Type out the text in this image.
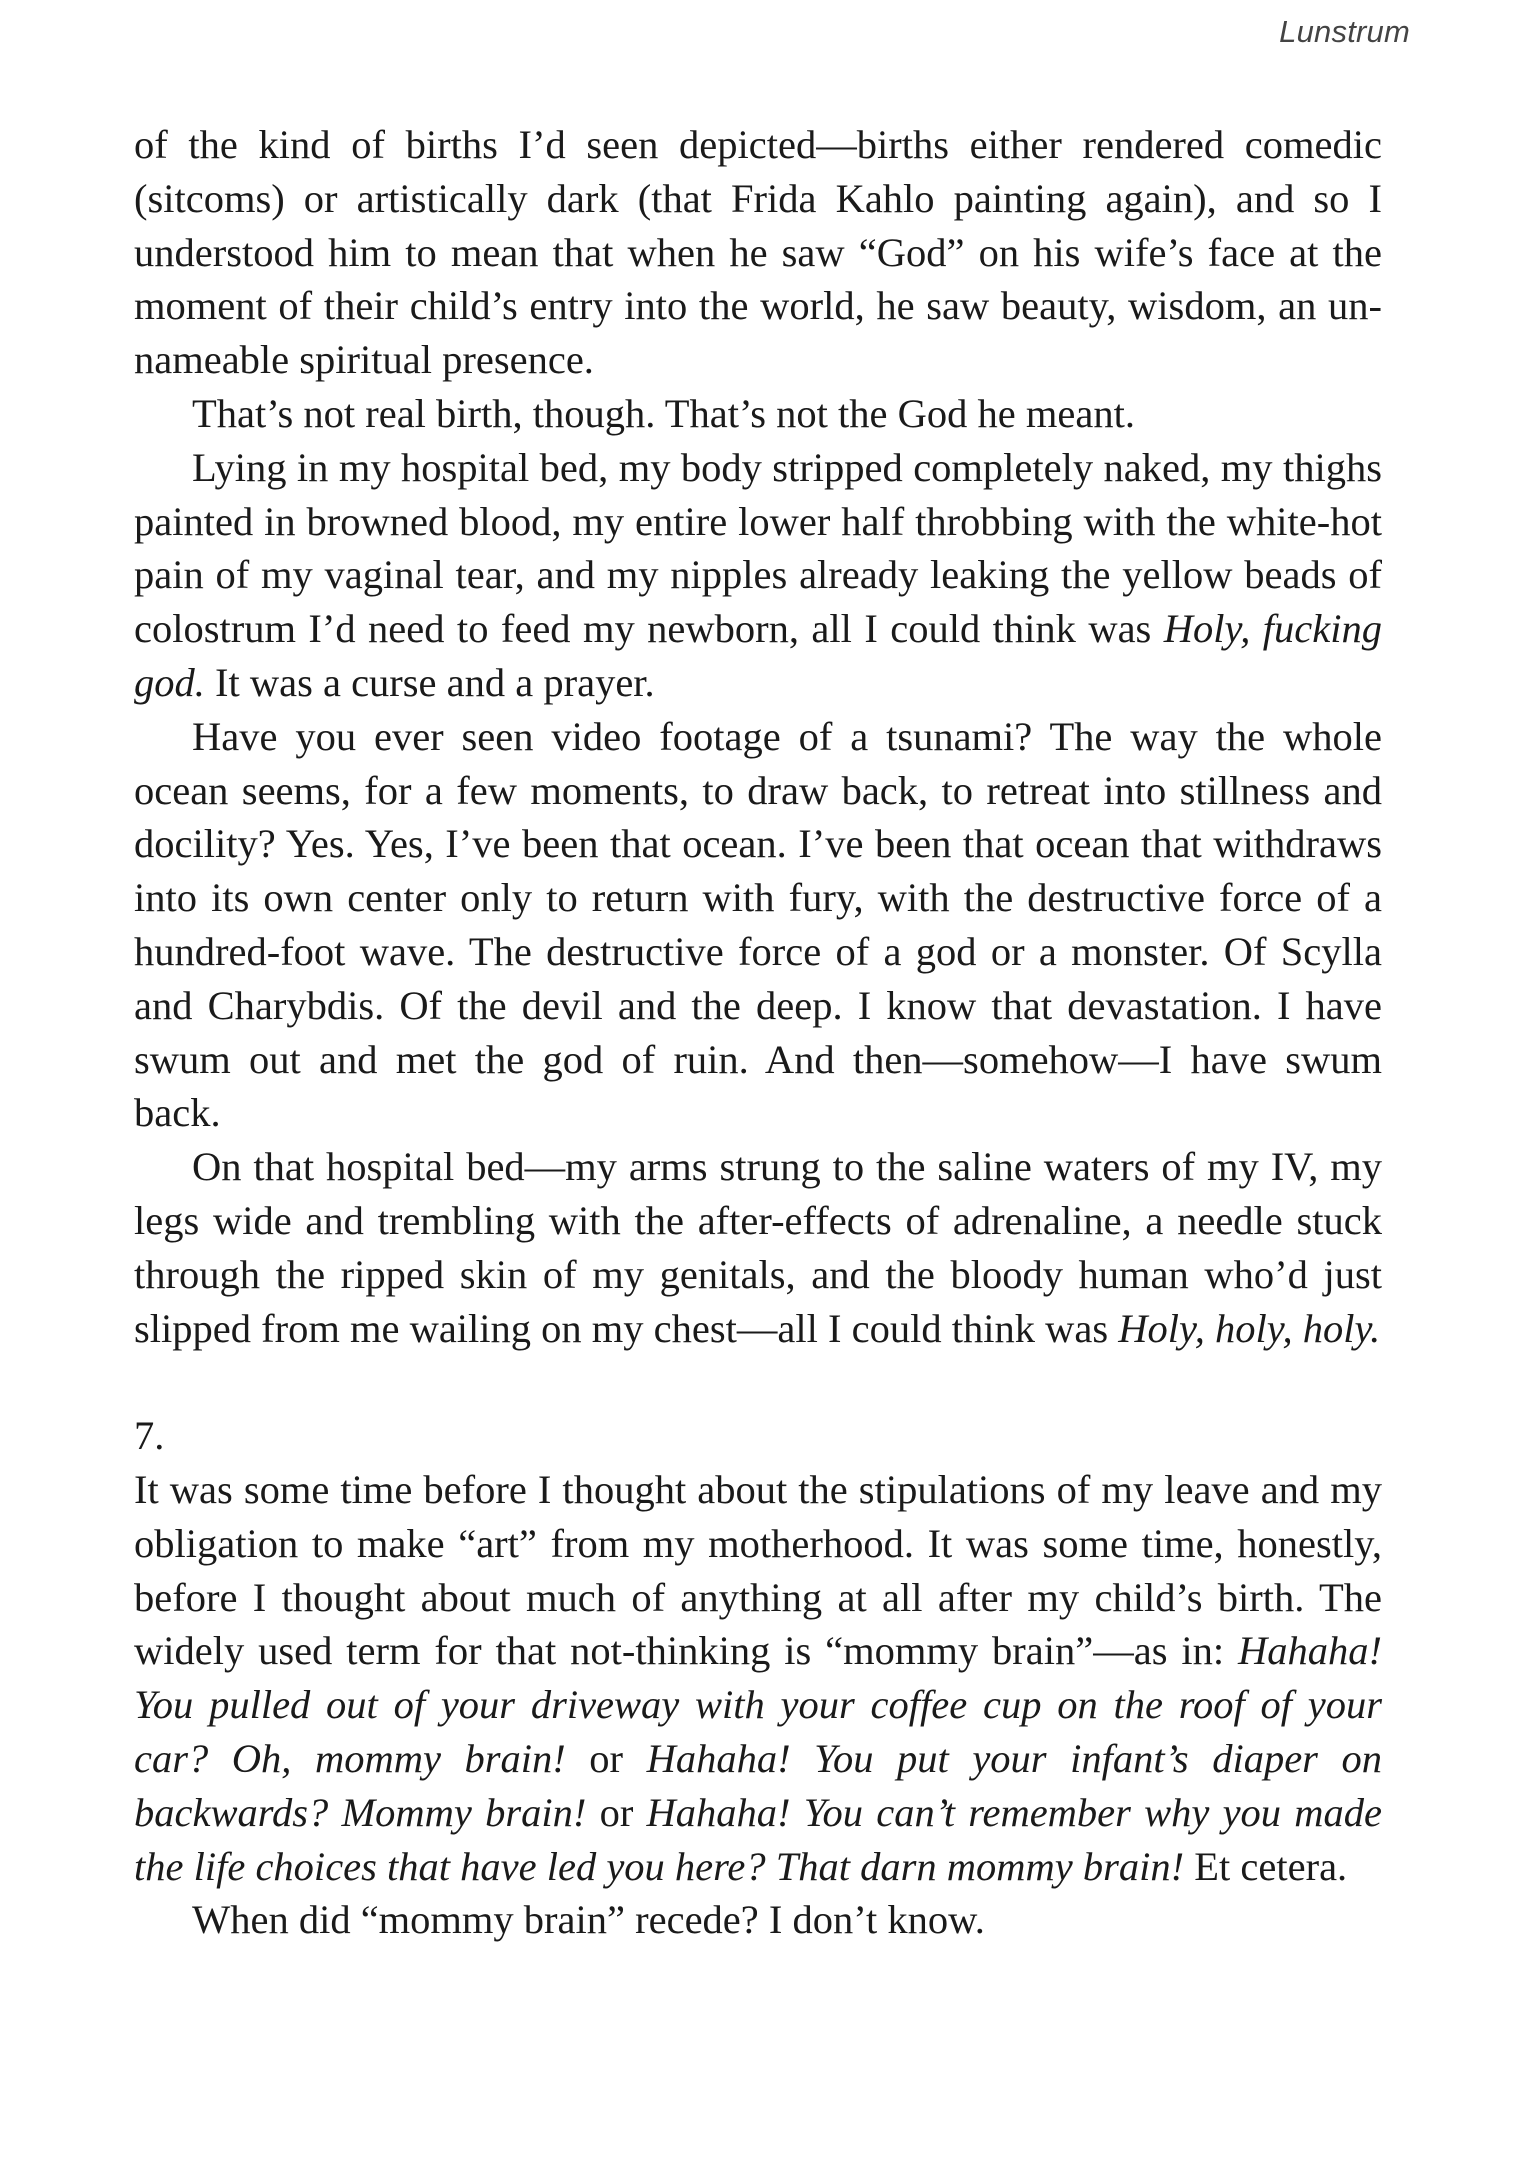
Lunstrum

of the kind of births I’d seen depicted—births either rendered comedic (sitcoms) or artistically dark (that Frida Kahlo painting again), and so I understood him to mean that when he saw “God” on his wife’s face at the moment of their child’s entry into the world, he saw beauty, wisdom, an un-nameable spiritual presence.

That’s not real birth, though. That’s not the God he meant.

Lying in my hospital bed, my body stripped completely naked, my thighs painted in browned blood, my entire lower half throbbing with the white-hot pain of my vaginal tear, and my nipples already leaking the yellow beads of colostrum I’d need to feed my newborn, all I could think was Holy, fucking god. It was a curse and a prayer.

Have you ever seen video footage of a tsunami? The way the whole ocean seems, for a few moments, to draw back, to retreat into stillness and docility? Yes. Yes, I’ve been that ocean. I’ve been that ocean that withdraws into its own center only to return with fury, with the destructive force of a hundred-foot wave. The destructive force of a god or a monster. Of Scylla and Charybdis. Of the devil and the deep. I know that devastation. I have swum out and met the god of ruin. And then—somehow—I have swum back.

On that hospital bed—my arms strung to the saline waters of my IV, my legs wide and trembling with the after-effects of adrenaline, a needle stuck through the ripped skin of my genitals, and the bloody human who’d just slipped from me wailing on my chest—all I could think was Holy, holy, holy.

7.

It was some time before I thought about the stipulations of my leave and my obligation to make “art” from my motherhood. It was some time, honestly, before I thought about much of anything at all after my child’s birth. The widely used term for that not-thinking is “mommy brain”—as in: Hahaha! You pulled out of your driveway with your coffee cup on the roof of your car? Oh, mommy brain! or Hahaha! You put your infant’s diaper on backwards? Mommy brain! or Hahaha! You can’t remember why you made the life choices that have led you here? That darn mommy brain! Et cetera.

When did “mommy brain” recede? I don’t know.
